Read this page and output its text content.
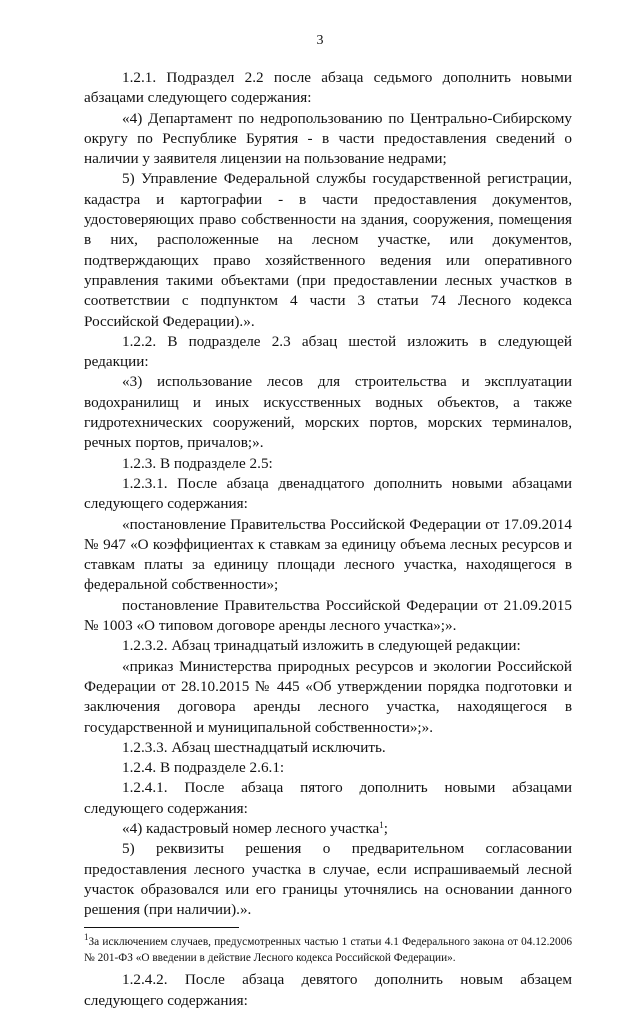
3

1.2.1. Подраздел 2.2 после абзаца седьмого дополнить новыми абзацами следующего содержания:

«4) Департамент по недропользованию по Центрально-Сибирскому округу по Республике Бурятия - в части предоставления сведений о наличии у заявителя лицензии на пользование недрами;

5) Управление Федеральной службы государственной регистрации, кадастра и картографии - в части предоставления документов, удостоверяющих право собственности на здания, сооружения, помещения в них, расположенные на лесном участке, или документов, подтверждающих право хозяйственного ведения или оперативного управления такими объектами (при предоставлении лесных участков в соответствии с подпунктом 4 части 3 статьи 74 Лесного кодекса Российской Федерации).».

1.2.2. В подразделе 2.3 абзац шестой изложить в следующей редакции:

«3) использование лесов для строительства и эксплуатации водохранилищ и иных искусственных водных объектов, а также гидротехнических сооружений, морских портов, морских терминалов, речных портов, причалов;».

1.2.3. В подразделе 2.5:

1.2.3.1. После абзаца двенадцатого дополнить новыми абзацами следующего содержания:

«постановление Правительства Российской Федерации от 17.09.2014 № 947 «О коэффициентах к ставкам за единицу объема лесных ресурсов и ставкам платы за единицу площади лесного участка, находящегося в федеральной собственности»;

постановление Правительства Российской Федерации от 21.09.2015 № 1003 «О типовом договоре аренды лесного участка»;».

1.2.3.2. Абзац тринадцатый изложить в следующей редакции:

«приказ Министерства природных ресурсов и экологии Российской Федерации от 28.10.2015 № 445 «Об утверждении порядка подготовки и заключения договора аренды лесного участка, находящегося в государственной и муниципальной собственности»;».

1.2.3.3. Абзац шестнадцатый исключить.

1.2.4. В подразделе 2.6.1:

1.2.4.1. После абзаца пятого дополнить новыми абзацами следующего содержания:

«4) кадастровый номер лесного участка$^1$;

5) реквизиты решения о предварительном согласовании предоставления лесного участка в случае, если испрашиваемый лесной участок образовался или его границы уточнялись на основании данного решения (при наличии).».

$^1$За исключением случаев, предусмотренных частью 1 статьи 4.1 Федерального закона от 04.12.2006 № 201-ФЗ «О введении в действие Лесного кодекса Российской Федерации».

1.2.4.2. После абзаца девятого дополнить новым абзацем следующего содержания:
